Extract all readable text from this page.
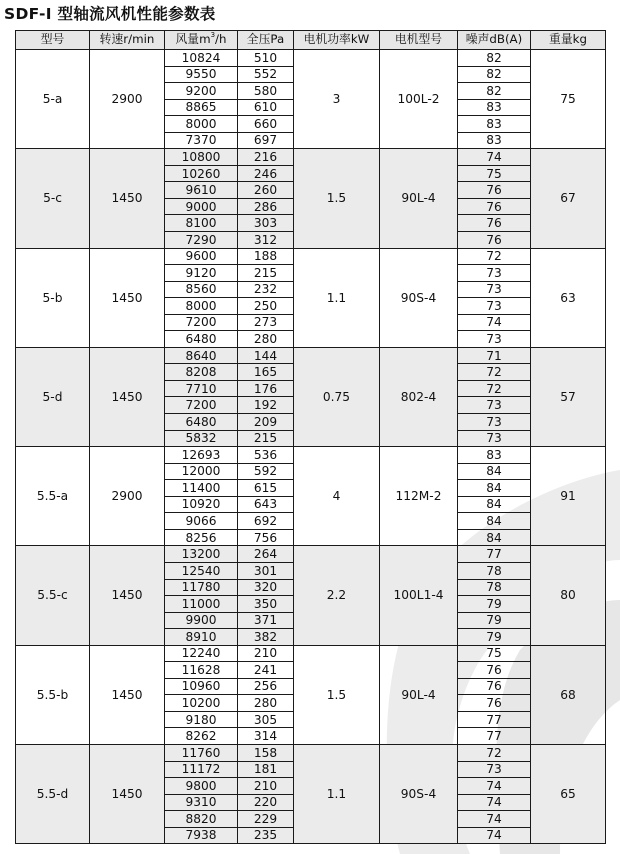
SDF-I 型轴流风机性能参数表
型号	转速r/min	风量$m^3/h$	全压Pa	电机功率kW	电机型号	噪声dB(A)	重量kg
5-a	2900	10824	510	3	100L-2	82	75
		9550	552			82	
		9200	580			82	
		8865	610			83	
		8000	660			83	
		7370	697			83	
5-c	1450	10800	216	1.5	90L-4	74	67
		10260	246			75	
		9610	260			76	
		9000	286			76	
		8100	303			76	
		7290	312			76	
5-b	1450	9600	188	1.1	90S-4	72	63
		9120	215			73	
		8560	232			73	
		8000	250			73	
		7200	273			74	
		6480	280			73	
5-d	1450	8640	144	0.75	802-4	71	57
		8208	165			72	
		7710	176			72	
		7200	192			73	
		6480	209			73	
		5832	215			73	
5.5-a	2900	12693	536	4	112M-2	83	91
		12000	592			84	
		11400	615			84	
		10920	643			84	
		9066	692			84	
		8256	756			84	
5.5-c	1450	13200	264	2.2	100L1-4	77	80
		12540	301			78	
		11780	320			78	
		11000	350			79	
		9900	371			79	
		8910	382			79	
5.5-b	1450	12240	210	1.5	90L-4	75	68
		11628	241			76	
		10960	256			76	
		10200	280			76	
		9180	305			77	
		8262	314			77	
5.5-d	1450	11760	158	1.1	90S-4	72	65
		11172	181			73	
		9800	210			74	
		9310	220			74	
		8820	229			74	
		7938	235			74	
